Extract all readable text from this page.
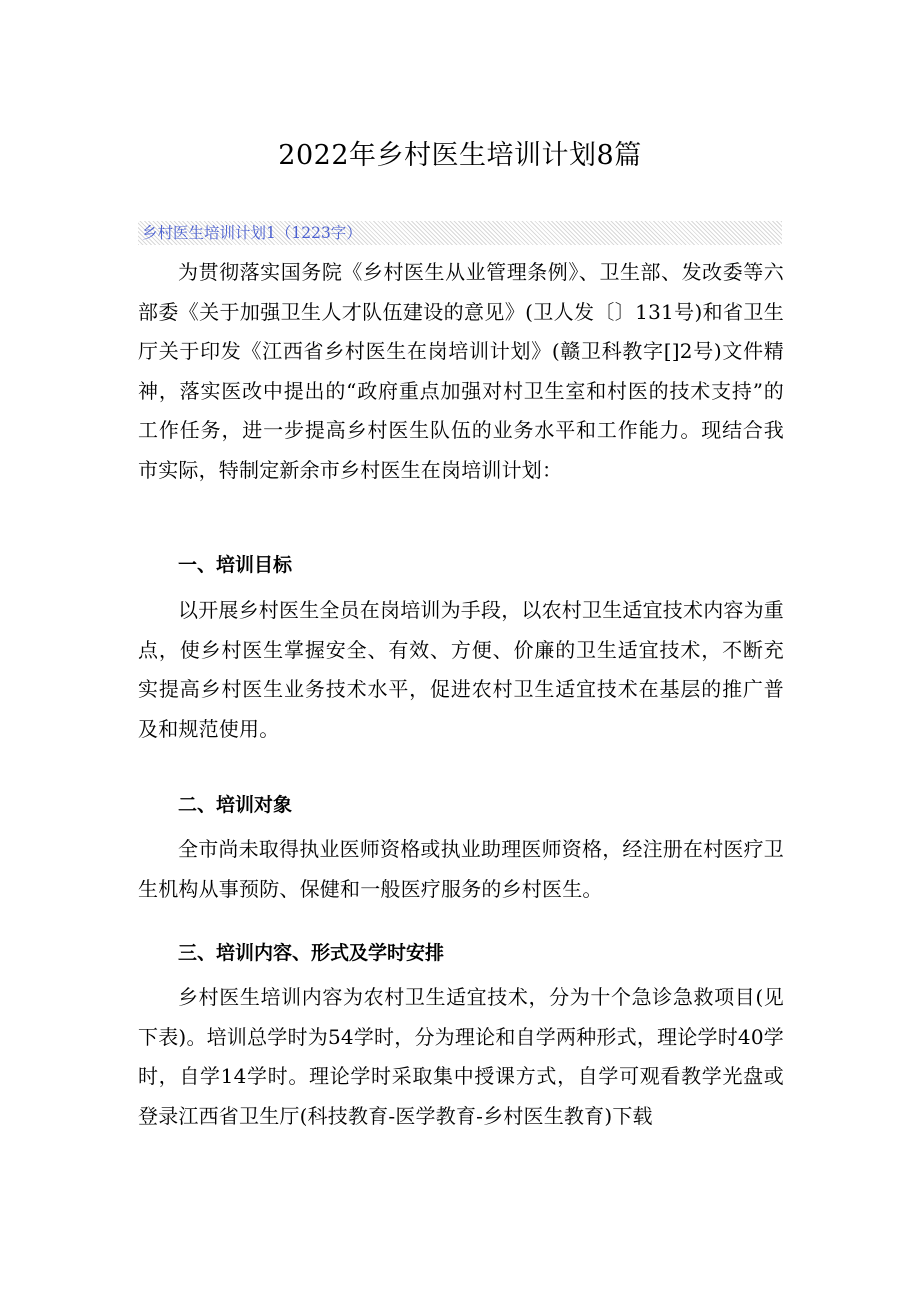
2022年乡村医生培训计划8篇
乡村医生培训计划1（1223字）

为贯彻落实国务院《乡村医生从业管理条例》、卫生部、发改委等六部委《关于加强卫生人才队伍建设的意见》(卫人发〔〕131号)和省卫生厅关于印发《江西省乡村医生在岗培训计划》(赣卫科教字[]2号)文件精神，落实医改中提出的“政府重点加强对村卫生室和村医的技术支持”的工作任务，进一步提高乡村医生队伍的业务水平和工作能力。现结合我市实际，特制定新余市乡村医生在岗培训计划：

一、培训目标

以开展乡村医生全员在岗培训为手段，以农村卫生适宜技术内容为重点，使乡村医生掌握安全、有效、方便、价廉的卫生适宜技术，不断充实提高乡村医生业务技术水平，促进农村卫生适宜技术在基层的推广普及和规范使用。

二、培训对象

全市尚未取得执业医师资格或执业助理医师资格，经注册在村医疗卫生机构从事预防、保健和一般医疗服务的乡村医生。

三、培训内容、形式及学时安排

乡村医生培训内容为农村卫生适宜技术，分为十个急诊急救项目(见下表)。培训总学时为54学时，分为理论和自学两种形式，理论学时40学时，自学14学时。理论学时采取集中授课方式，自学可观看教学光盘或登录江西省卫生厅(科技教育-医学教育-乡村医生教育)下载
